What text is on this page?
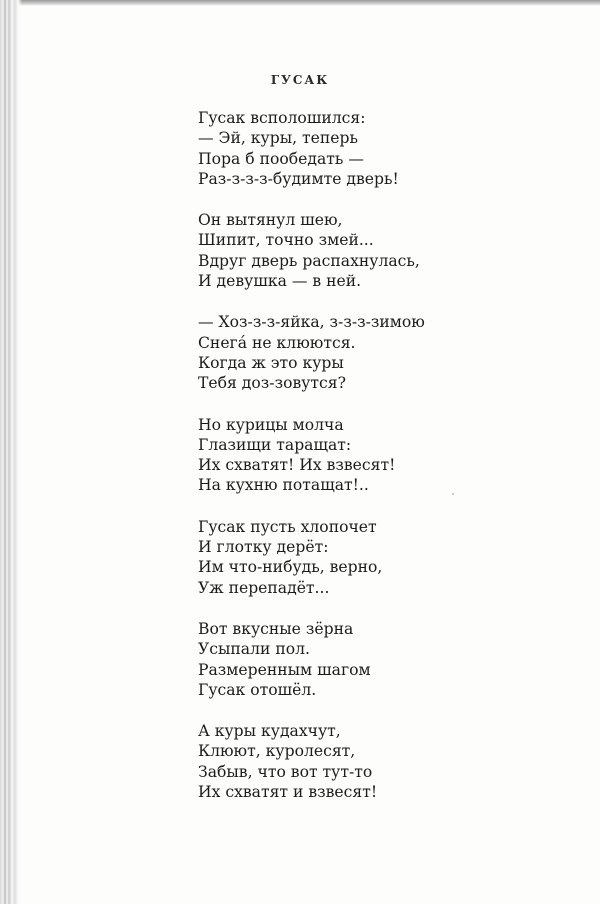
ГУСАК
Гусак всполошился:
— Эй, куры, теперь
Пора б пообедать —
Раз-з-з-з-будимте дверь!
Он вытянул шею,
Шипит, точно змей...
Вдруг дверь распахнулась,
И девушка — в ней.
— Хоз-з-з-яйка, з-з-з-зимою
Снега́ не клюются.
Когда ж это куры
Тебя доз-зовутся?
Но курицы молча
Глазищи таращат:
Их схватят! Их взвесят!
На кухню потащат!..
Гусак пусть хлопочет
И глотку дерёт:
Им что-нибудь, верно,
Уж перепадёт...
Вот вкусные зёрна
Усыпали пол.
Размеренным шагом
Гусак отошёл.
А куры кудахчут,
Клюют, куролесят,
Забыв, что вот тут-то
Их схватят и взвесят!
